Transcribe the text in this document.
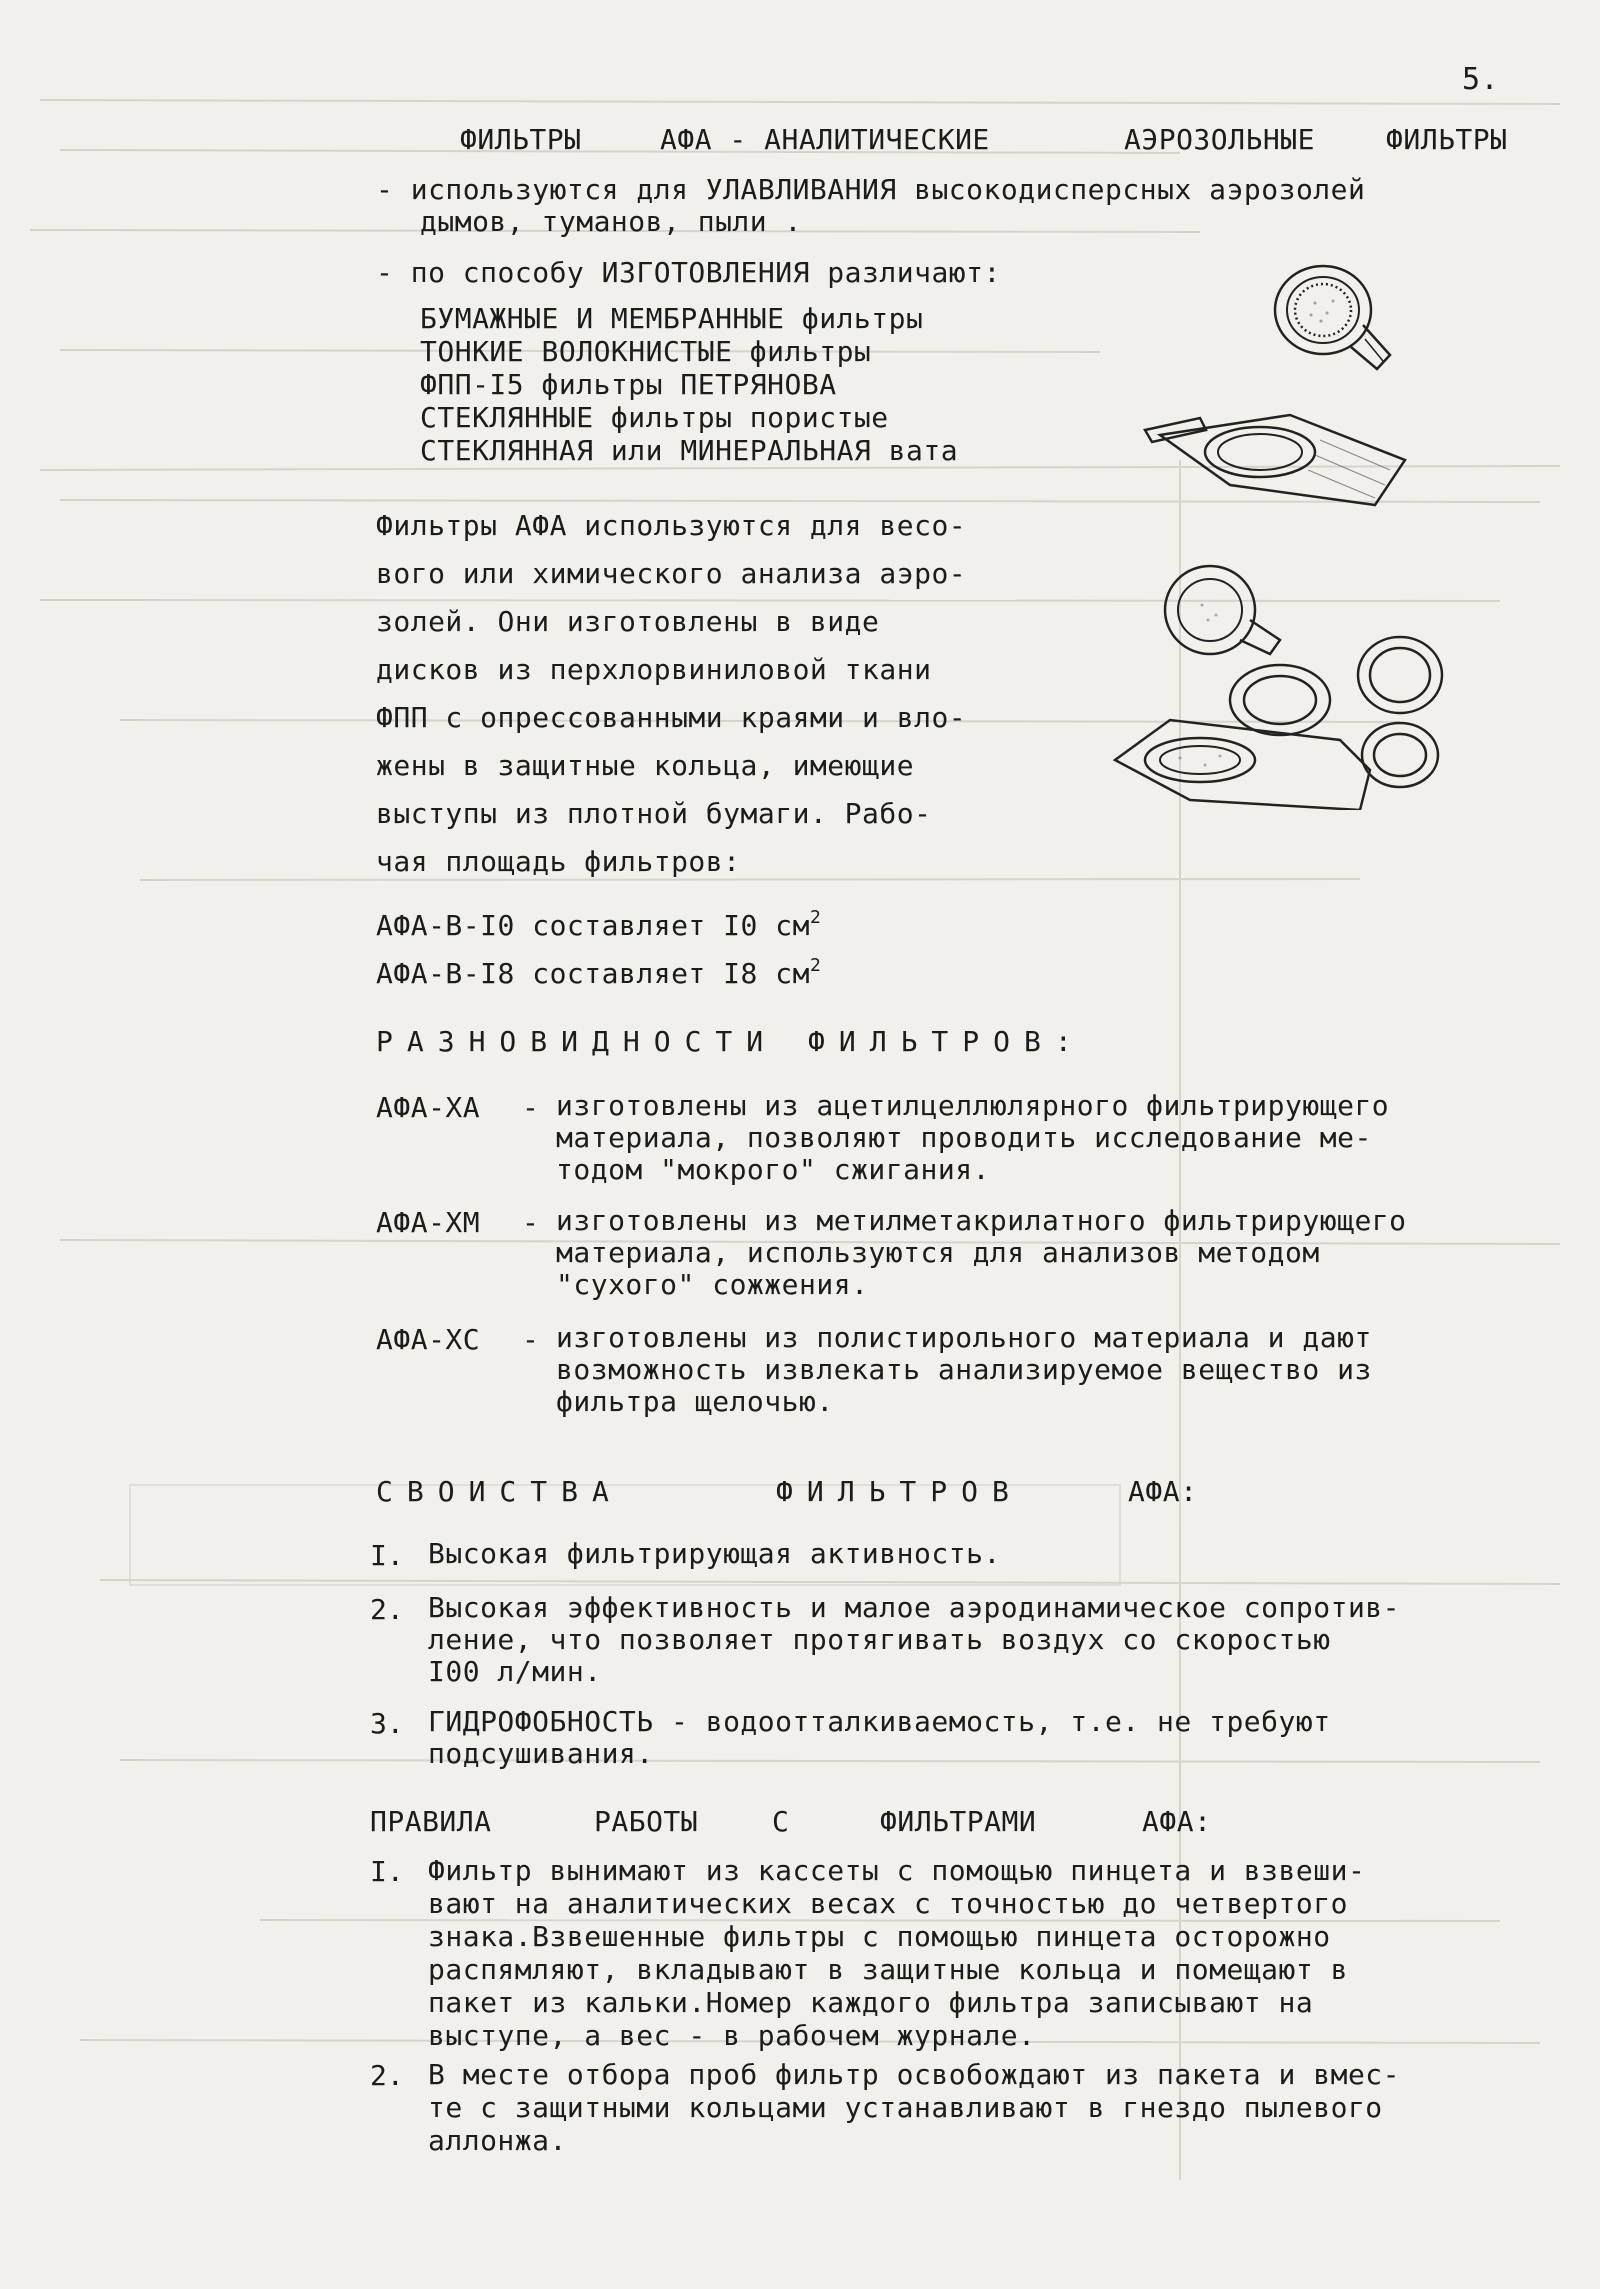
5.
ФИЛЬТРЫ	АФА - АНАЛИТИЧЕСКИЕ	АЭРОЗОЛЬНЫЕ	ФИЛЬТРЫ
- используются для УЛАВЛИВАНИЯ высокодисперсных аэрозолей
дымов, туманов, пыли .
- по способу ИЗГОТОВЛЕНИЯ различают:
БУМАЖНЫЕ И МЕМБРАННЫЕ фильтры
ТОНКИЕ ВОЛОКНИСТЫЕ фильтры
ФПП-I5 фильтры ПЕТРЯНОВА
СТЕКЛЯННЫЕ фильтры пористые
СТЕКЛЯННАЯ или МИНЕРАЛЬНАЯ вата
Фильтры АФА используются для весо-
вого или химического анализа аэро-
золей. Они изготовлены в виде
дисков из перхлорвиниловой ткани
ФПП с опрессованными краями и вло-
жены в защитные кольца, имеющие
выступы из плотной бумаги. Рабо-
чая площадь фильтров:
АФА-В-I0 составляет I0 $см^2$
АФА-В-I8 составляет I8 $см^2$
РАЗНОВИДНОСТИ ФИЛЬТРОВ:
АФА-ХА - изготовлены из ацетилцеллюлярного фильтрирующего
материала, позволяют проводить исследование ме-
тодом "мокрого" сжигания.
АФА-ХМ - изготовлены из метилметакрилатного фильтрирующего
материала, используются для анализов методом
"сухого" сожжения.
АФА-ХС - изготовлены из полистирольного материала и дают
возможность извлекать анализируемое вещество из
фильтра щелочью.
СВОИСТВА	ФИЛЬТРОВ	АФА:
I. Высокая фильтрирующая активность.
2. Высокая эффективность и малое аэродинамическое сопротив-
ление, что позволяет протягивать воздух со скоростью
I00 л/мин.
3. ГИДРОФОБНОСТЬ - водоотталкиваемость, т.е. не требуют
подсушивания.
ПРАВИЛА	РАБОТЫ	С	ФИЛЬТРАМИ	АФА:
I. Фильтр вынимают из кассеты с помощью пинцета и взвеши-
вают на аналитических весах с точностью до четвертого
знака.Взвешенные фильтры с помощью пинцета осторожно
распямляют, вкладывают в защитные кольца и помещают в
пакет из кальки.Номер каждого фильтра записывают на
выступе, а вес - в рабочем журнале.
2. В месте отбора проб фильтр освобождают из пакета и вмес-
те с защитными кольцами устанавливают в гнездо пылевого
аллонжа.
